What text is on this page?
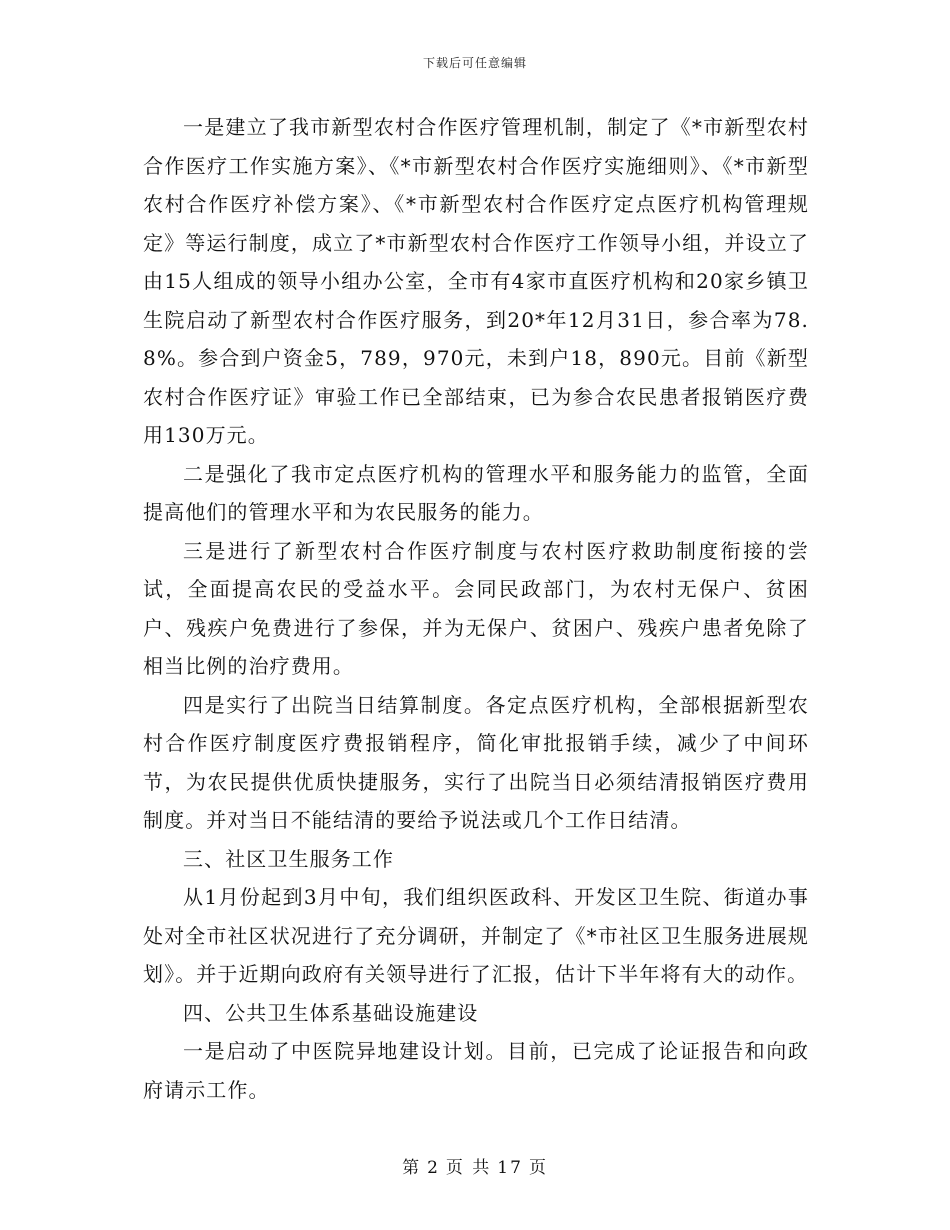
下载后可任意编辑

一是建立了我市新型农村合作医疗管理机制，制定了《*市新型农村合作医疗工作实施方案》、《*市新型农村合作医疗实施细则》、《*市新型农村合作医疗补偿方案》、《*市新型农村合作医疗定点医疗机构管理规定》等运行制度，成立了*市新型农村合作医疗工作领导小组，并设立了由15人组成的领导小组办公室，全市有4家市直医疗机构和20家乡镇卫生院启动了新型农村合作医疗服务，到20*年12月31日，参合率为78.8%。参合到户资金5，789，970元，未到户18，890元。目前《新型农村合作医疗证》审验工作已全部结束，已为参合农民患者报销医疗费用130万元。

二是强化了我市定点医疗机构的管理水平和服务能力的监管，全面提高他们的管理水平和为农民服务的能力。

三是进行了新型农村合作医疗制度与农村医疗救助制度衔接的尝试，全面提高农民的受益水平。会同民政部门，为农村无保户、贫困户、残疾户免费进行了参保，并为无保户、贫困户、残疾户患者免除了相当比例的治疗费用。

四是实行了出院当日结算制度。各定点医疗机构，全部根据新型农村合作医疗制度医疗费报销程序，简化审批报销手续，减少了中间环节，为农民提供优质快捷服务，实行了出院当日必须结清报销医疗费用制度。并对当日不能结清的要给予说法或几个工作日结清。

三、社区卫生服务工作

从1月份起到3月中旬，我们组织医政科、开发区卫生院、街道办事处对全市社区状况进行了充分调研，并制定了《*市社区卫生服务进展规划》。并于近期向政府有关领导进行了汇报，估计下半年将有大的动作。

四、公共卫生体系基础设施建设

一是启动了中医院异地建设计划。目前，已完成了论证报告和向政府请示工作。

第 2 页 共 17 页
